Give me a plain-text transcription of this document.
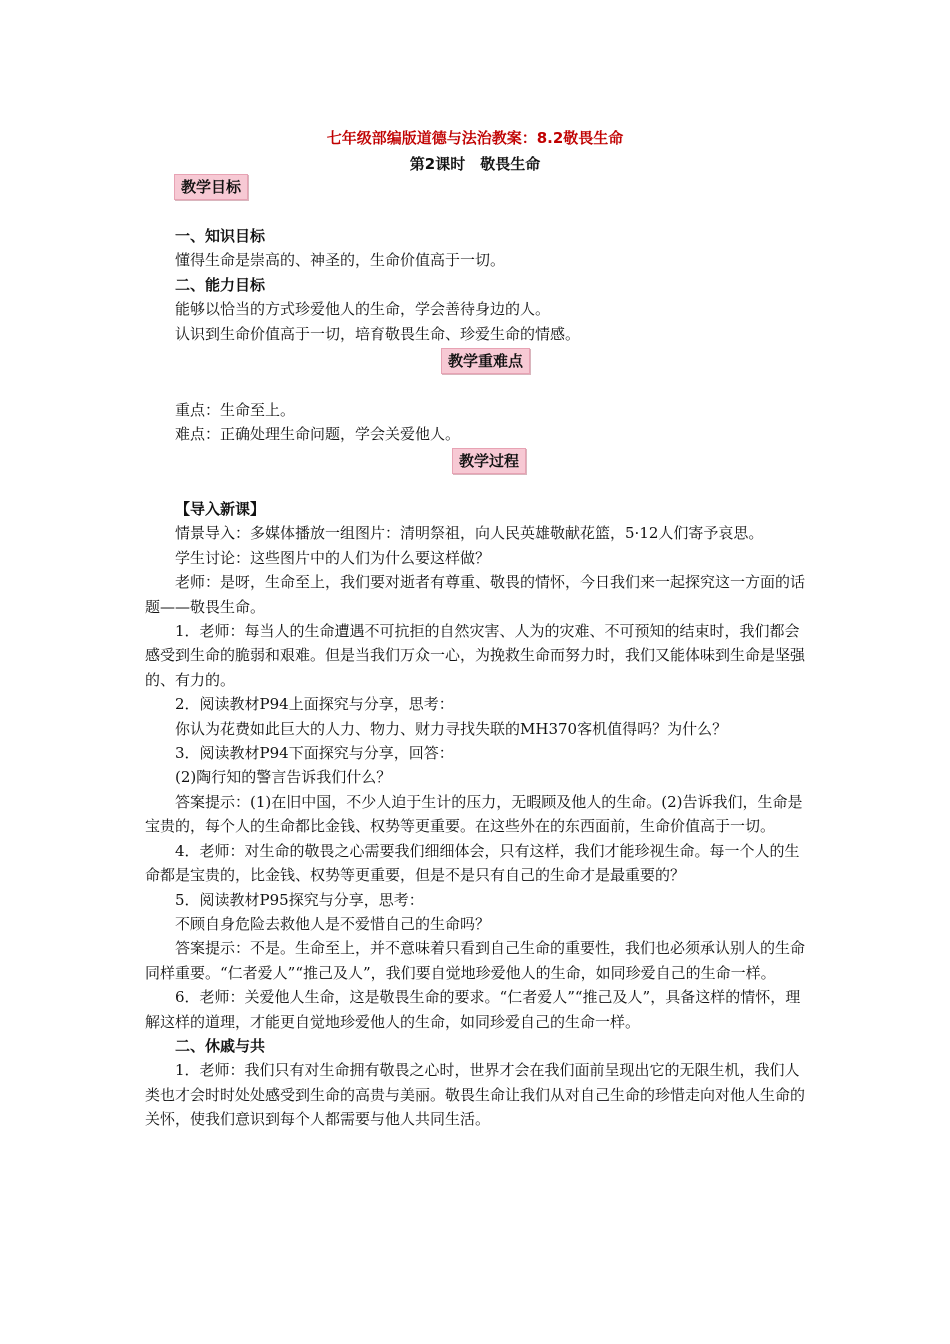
七年级部编版道德与法治教案：8.2敬畏生命
第2课时　敬畏生命
教学目标

一、知识目标

懂得生命是崇高的、神圣的，生命价值高于一切。

二、能力目标

能够以恰当的方式珍爱他人的生命，学会善待身边的人。

认识到生命价值高于一切，培育敬畏生命、珍爱生命的情感。

教学重难点

重点：生命至上。

难点：正确处理生命问题，学会关爱他人。

教学过程

【导入新课】

情景导入：多媒体播放一组图片：清明祭祖，向人民英雄敬献花篮，5·12人们寄予哀思。

学生讨论：这些图片中的人们为什么要这样做？

老师：是呀，生命至上，我们要对逝者有尊重、敬畏的情怀，今日我们来一起探究这一方面的话题——敬畏生命。

1．老师：每当人的生命遭遇不可抗拒的自然灾害、人为的灾难、不可预知的结束时，我们都会感受到生命的脆弱和艰难。但是当我们万众一心，为挽救生命而努力时，我们又能体味到生命是坚强的、有力的。

2．阅读教材P94上面探究与分享，思考：

你认为花费如此巨大的人力、物力、财力寻找失联的MH370客机值得吗？为什么？

3．阅读教材P94下面探究与分享，回答：

(2)陶行知的警言告诉我们什么？

答案提示：(1)在旧中国，不少人迫于生计的压力，无暇顾及他人的生命。(2)告诉我们，生命是宝贵的，每个人的生命都比金钱、权势等更重要。在这些外在的东西面前，生命价值高于一切。

4．老师：对生命的敬畏之心需要我们细细体会，只有这样，我们才能珍视生命。每一个人的生命都是宝贵的，比金钱、权势等更重要，但是不是只有自己的生命才是最重要的？

5．阅读教材P95探究与分享，思考：

不顾自身危险去救他人是不爱惜自己的生命吗？

答案提示：不是。生命至上，并不意味着只看到自己生命的重要性，我们也必须承认别人的生命同样重要。“仁者爱人”“推己及人”，我们要自觉地珍爱他人的生命，如同珍爱自己的生命一样。

6．老师：关爱他人生命，这是敬畏生命的要求。“仁者爱人”“推己及人”，具备这样的情怀，理解这样的道理，才能更自觉地珍爱他人的生命，如同珍爱自己的生命一样。

二、休戚与共

1．老师：我们只有对生命拥有敬畏之心时，世界才会在我们面前呈现出它的无限生机，我们人类也才会时时处处感受到生命的高贵与美丽。敬畏生命让我们从对自己生命的珍惜走向对他人生命的关怀，使我们意识到每个人都需要与他人共同生活。
